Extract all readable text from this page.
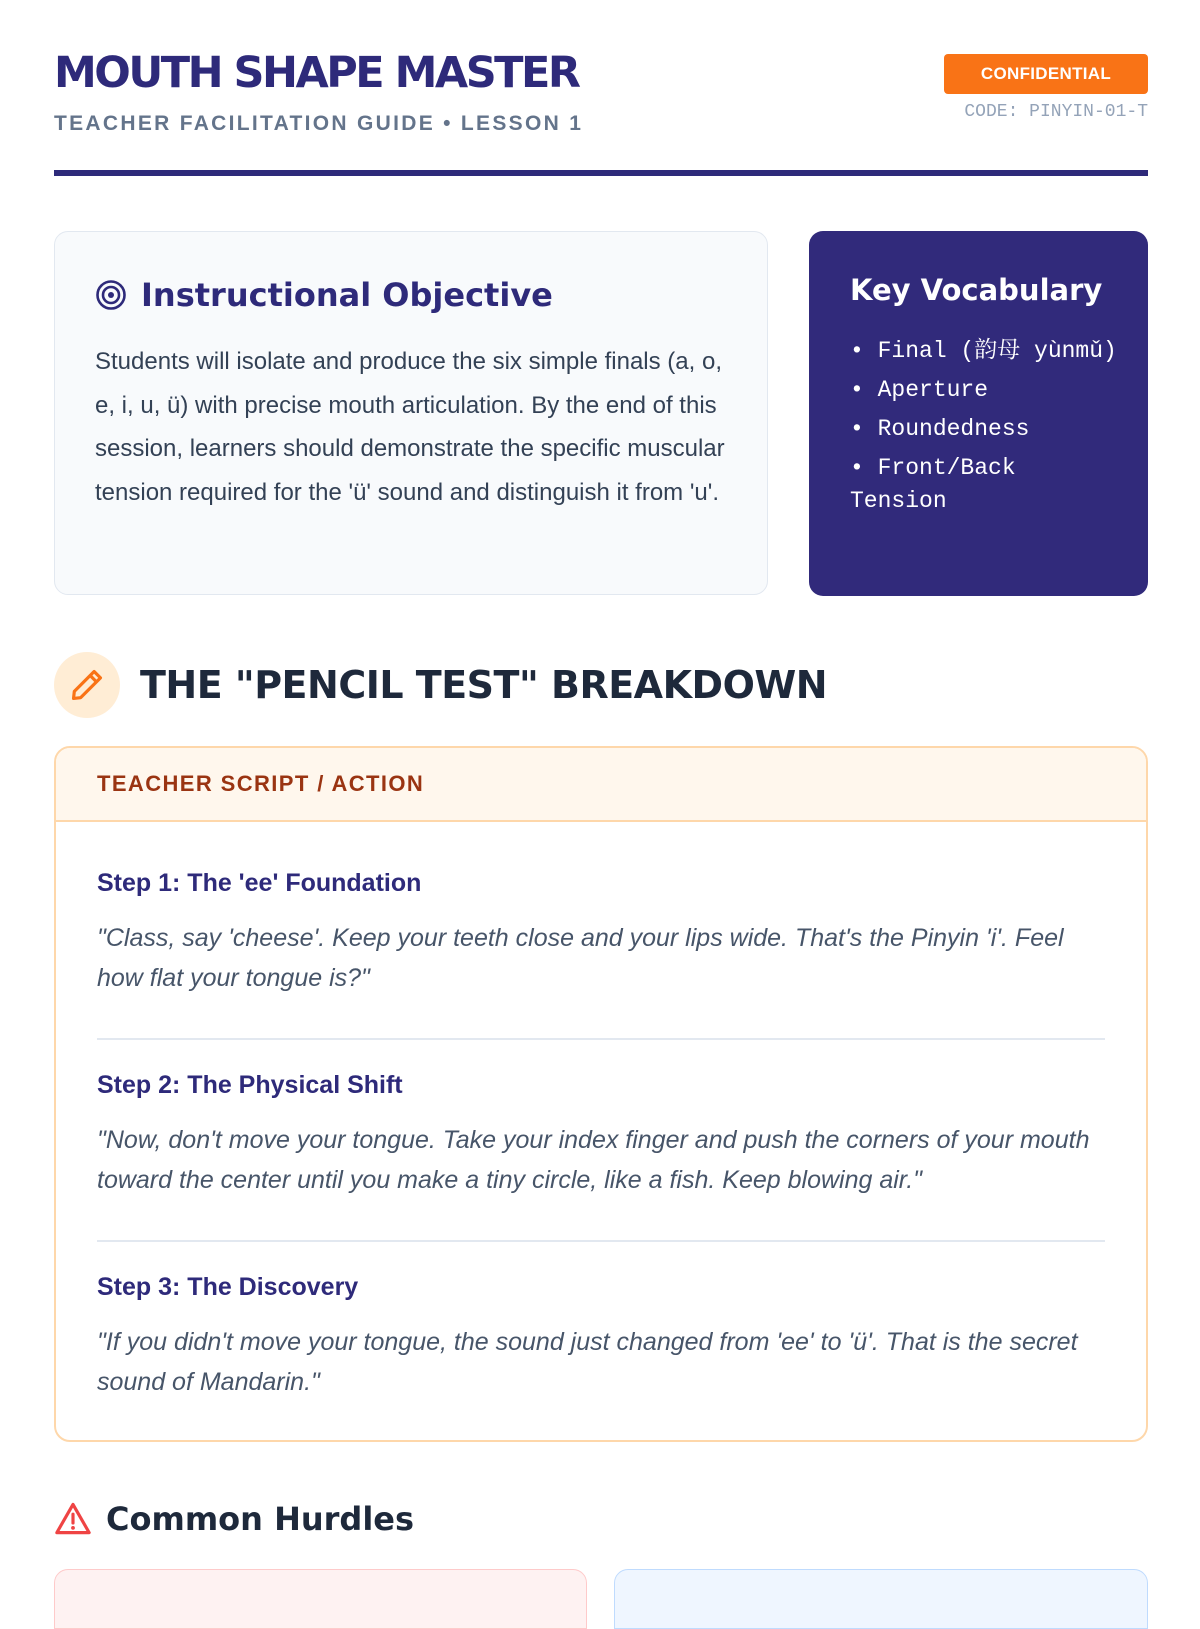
MOUTH SHAPE MASTER
TEACHER FACILITATION GUIDE • LESSON 1
CONFIDENTIAL
CODE: PINYIN-01-T
Instructional Objective

Students will isolate and produce the six simple finals (a, o, e, i, u, ü) with precise mouth articulation. By the end of this session, learners should demonstrate the specific muscular tension required for the 'ü' sound and distinguish it from 'u'.

Key Vocabulary
• Final (韵母 yùnmǔ)
• Aperture
• Roundedness
• Front/Back Tension
THE "PENCIL TEST" BREAKDOWN
TEACHER SCRIPT / ACTION
Step 1: The 'ee' Foundation
"Class, say 'cheese'. Keep your teeth close and your lips wide. That's the Pinyin 'i'. Feel how flat your tongue is?"
Step 2: The Physical Shift
"Now, don't move your tongue. Take your index finger and push the corners of your mouth toward the center until you make a tiny circle, like a fish. Keep blowing air."
Step 3: The Discovery
"If you didn't move your tongue, the sound just changed from 'ee' to 'ü'. That is the secret sound of Mandarin."
Common Hurdles
